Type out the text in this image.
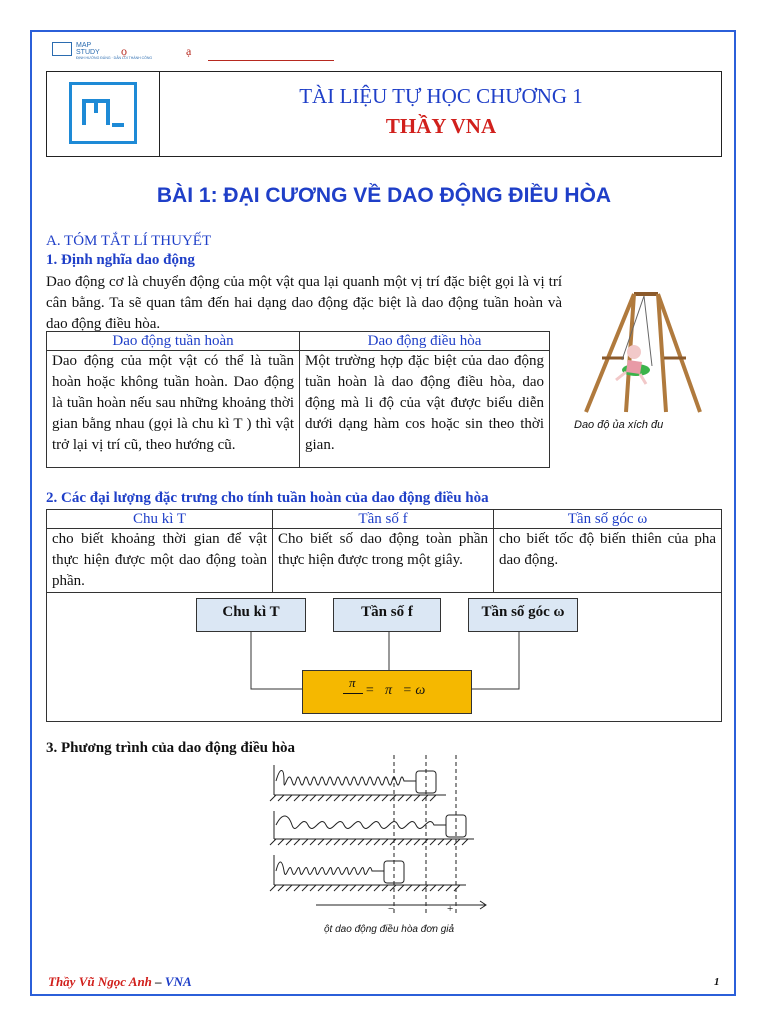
MAP
STUDY
ĐỊNH HƯỚNG ĐÚNG · DẪN LỐI THÀNH CÔNG
ọ	ạ
TÀI LIỆU TỰ HỌC CHƯƠNG 1
THẦY VNA
BÀI 1: ĐẠI CƯƠNG VỀ DAO ĐỘNG ĐIỀU HÒA
A. TÓM TẮT LÍ THUYẾT
1. Định nghĩa dao động
Dao động cơ là chuyển động của một vật qua lại quanh một vị trí đặc biệt gọi là vị trí cân bằng. Ta sẽ quan tâm đến hai dạng dao động đặc biệt là dao động tuần hoàn và dao động điều hòa.
Dao độ ủa xích đu
Dao động tuần hoàn	Dao động điều hòa
Dao động của một vật có thể là tuần hoàn hoặc không tuần hoàn. Dao động là tuần hoàn nếu sau những khoảng thời gian bằng nhau (gọi là chu kì T ) thì vật trở lại vị trí cũ, theo hướng cũ.	Một trường hợp đặc biệt của dao động tuần hoàn là dao động điều hòa, dao động mà li độ của vật được biểu diễn dưới dạng hàm cos hoặc sin theo thời gian.
2. Các đại lượng đặc trưng cho tính tuần hoàn của dao động điều hòa
Chu kì T	Tần số f	Tần số góc ω
cho biết khoảng thời gian để vật thực hiện được một dao động toàn phần.	Cho biết số dao động toàn phần thực hiện được trong một giây.	cho biết tốc độ biến thiên của pha dao động.

Chu kì T	Tần số f	Tần số góc ω
π
=   π   = ω
3. Phương trình của dao động điều hòa
−	+
ột dao động điều hòa đơn giả
Thầy Vũ Ngọc Anh – VNA	1
